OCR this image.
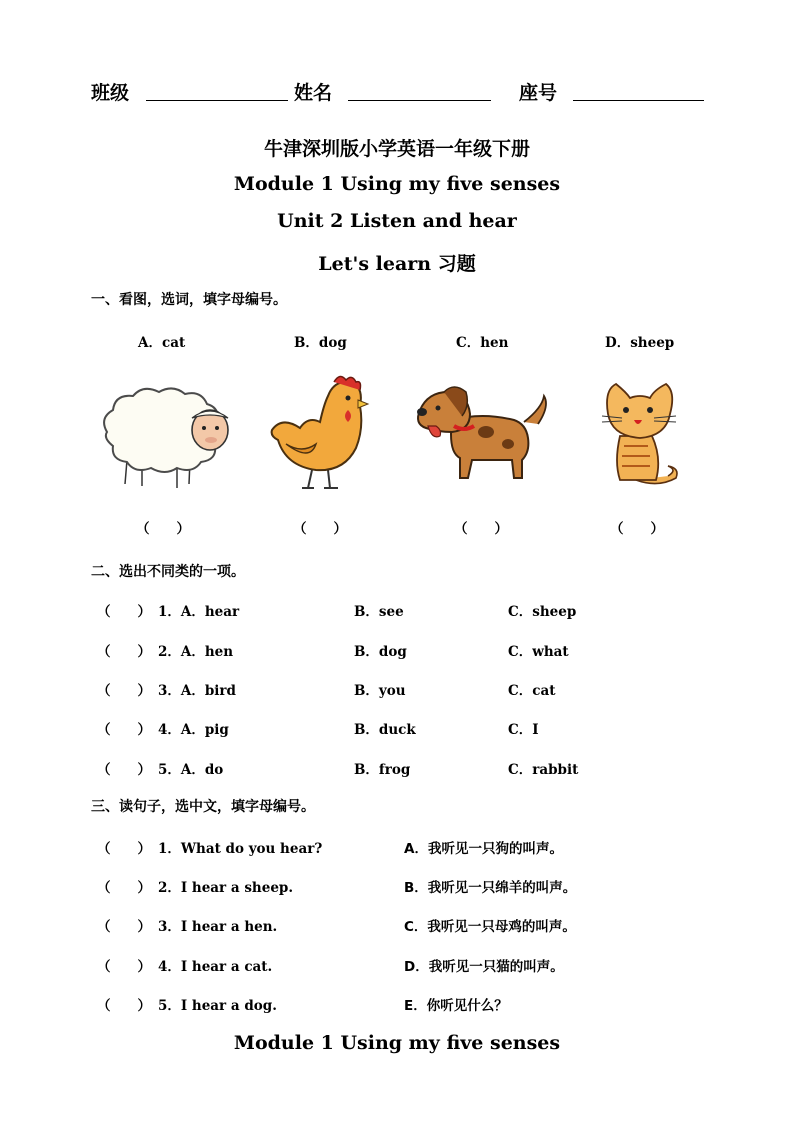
班级	姓名	座号
牛津深圳版小学英语一年级下册
Module 1 Using my five senses
Unit 2 Listen and hear
Let's learn 习题
一、看图，选词，填字母编号。
A．cat	B．dog	C．hen	D．sheep
（　　）	（　　）	（　　）	（　　）
二、选出不同类的一项。
（　　） 1．A．hear	B．see	C．sheep
（　　） 2．A．hen	B．dog	C．what
（　　） 3．A．bird	B．you	C．cat
（　　） 4．A．pig	B．duck	C．I
（　　） 5．A．do	B．frog	C．rabbit
三、读句子，选中文，填字母编号。
（　　） 1．What do you hear?	A．我听见一只狗的叫声。
（　　） 2．I hear a sheep.	B．我听见一只绵羊的叫声。
（　　） 3．I hear a hen.	C．我听见一只母鸡的叫声。
（　　） 4．I hear a cat.	D．我听见一只猫的叫声。
（　　） 5．I hear a dog.	E．你听见什么？
Module 1 Using my five senses
